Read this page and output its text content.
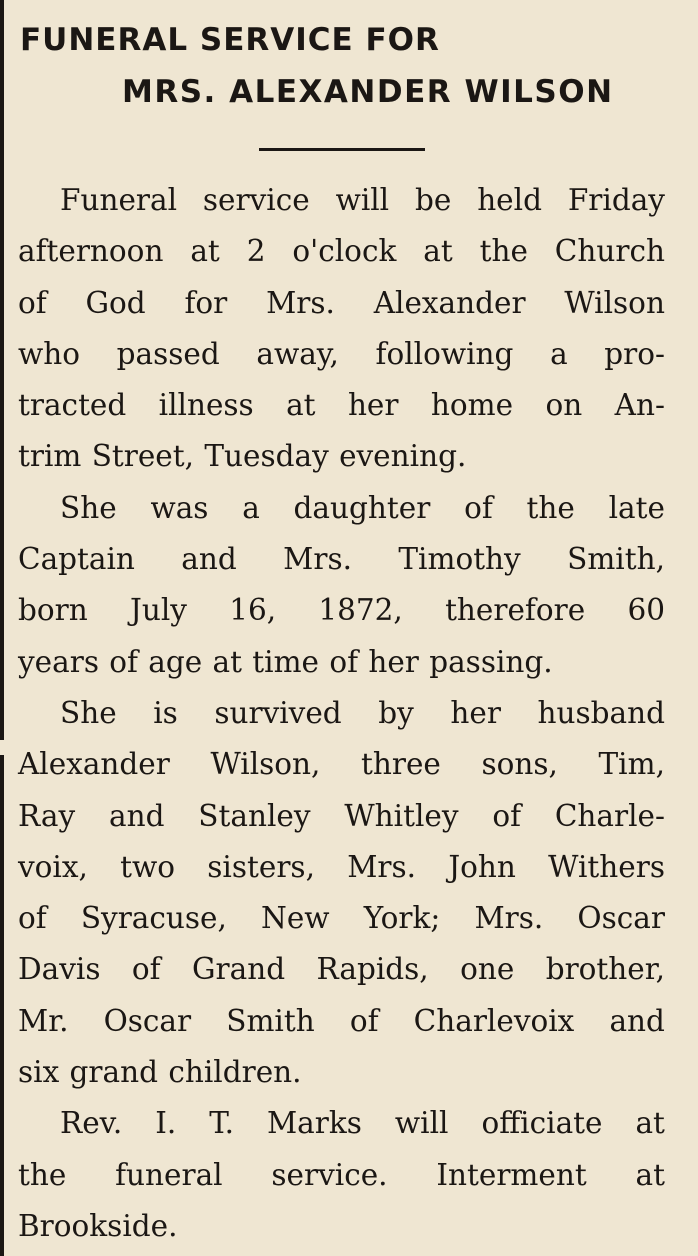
FUNERAL SERVICE FOR
MRS. ALEXANDER WILSON
Funeral service will be held Friday
afternoon at 2 o'clock at the Church
of God for Mrs. Alexander Wilson
who passed away, following a pro-
tracted illness at her home on An-
trim Street, Tuesday evening.
She was a daughter of the late
Captain and Mrs. Timothy Smith,
born July 16, 1872, therefore 60
years of age at time of her passing.
She is survived by her husband
Alexander Wilson, three sons, Tim,
Ray and Stanley Whitley of Charle-
voix, two sisters, Mrs. John Withers
of Syracuse, New York; Mrs. Oscar
Davis of Grand Rapids, one brother,
Mr. Oscar Smith of Charlevoix and
six grand children.
Rev. I. T. Marks will officiate at
the funeral service. Interment at
Brookside.
